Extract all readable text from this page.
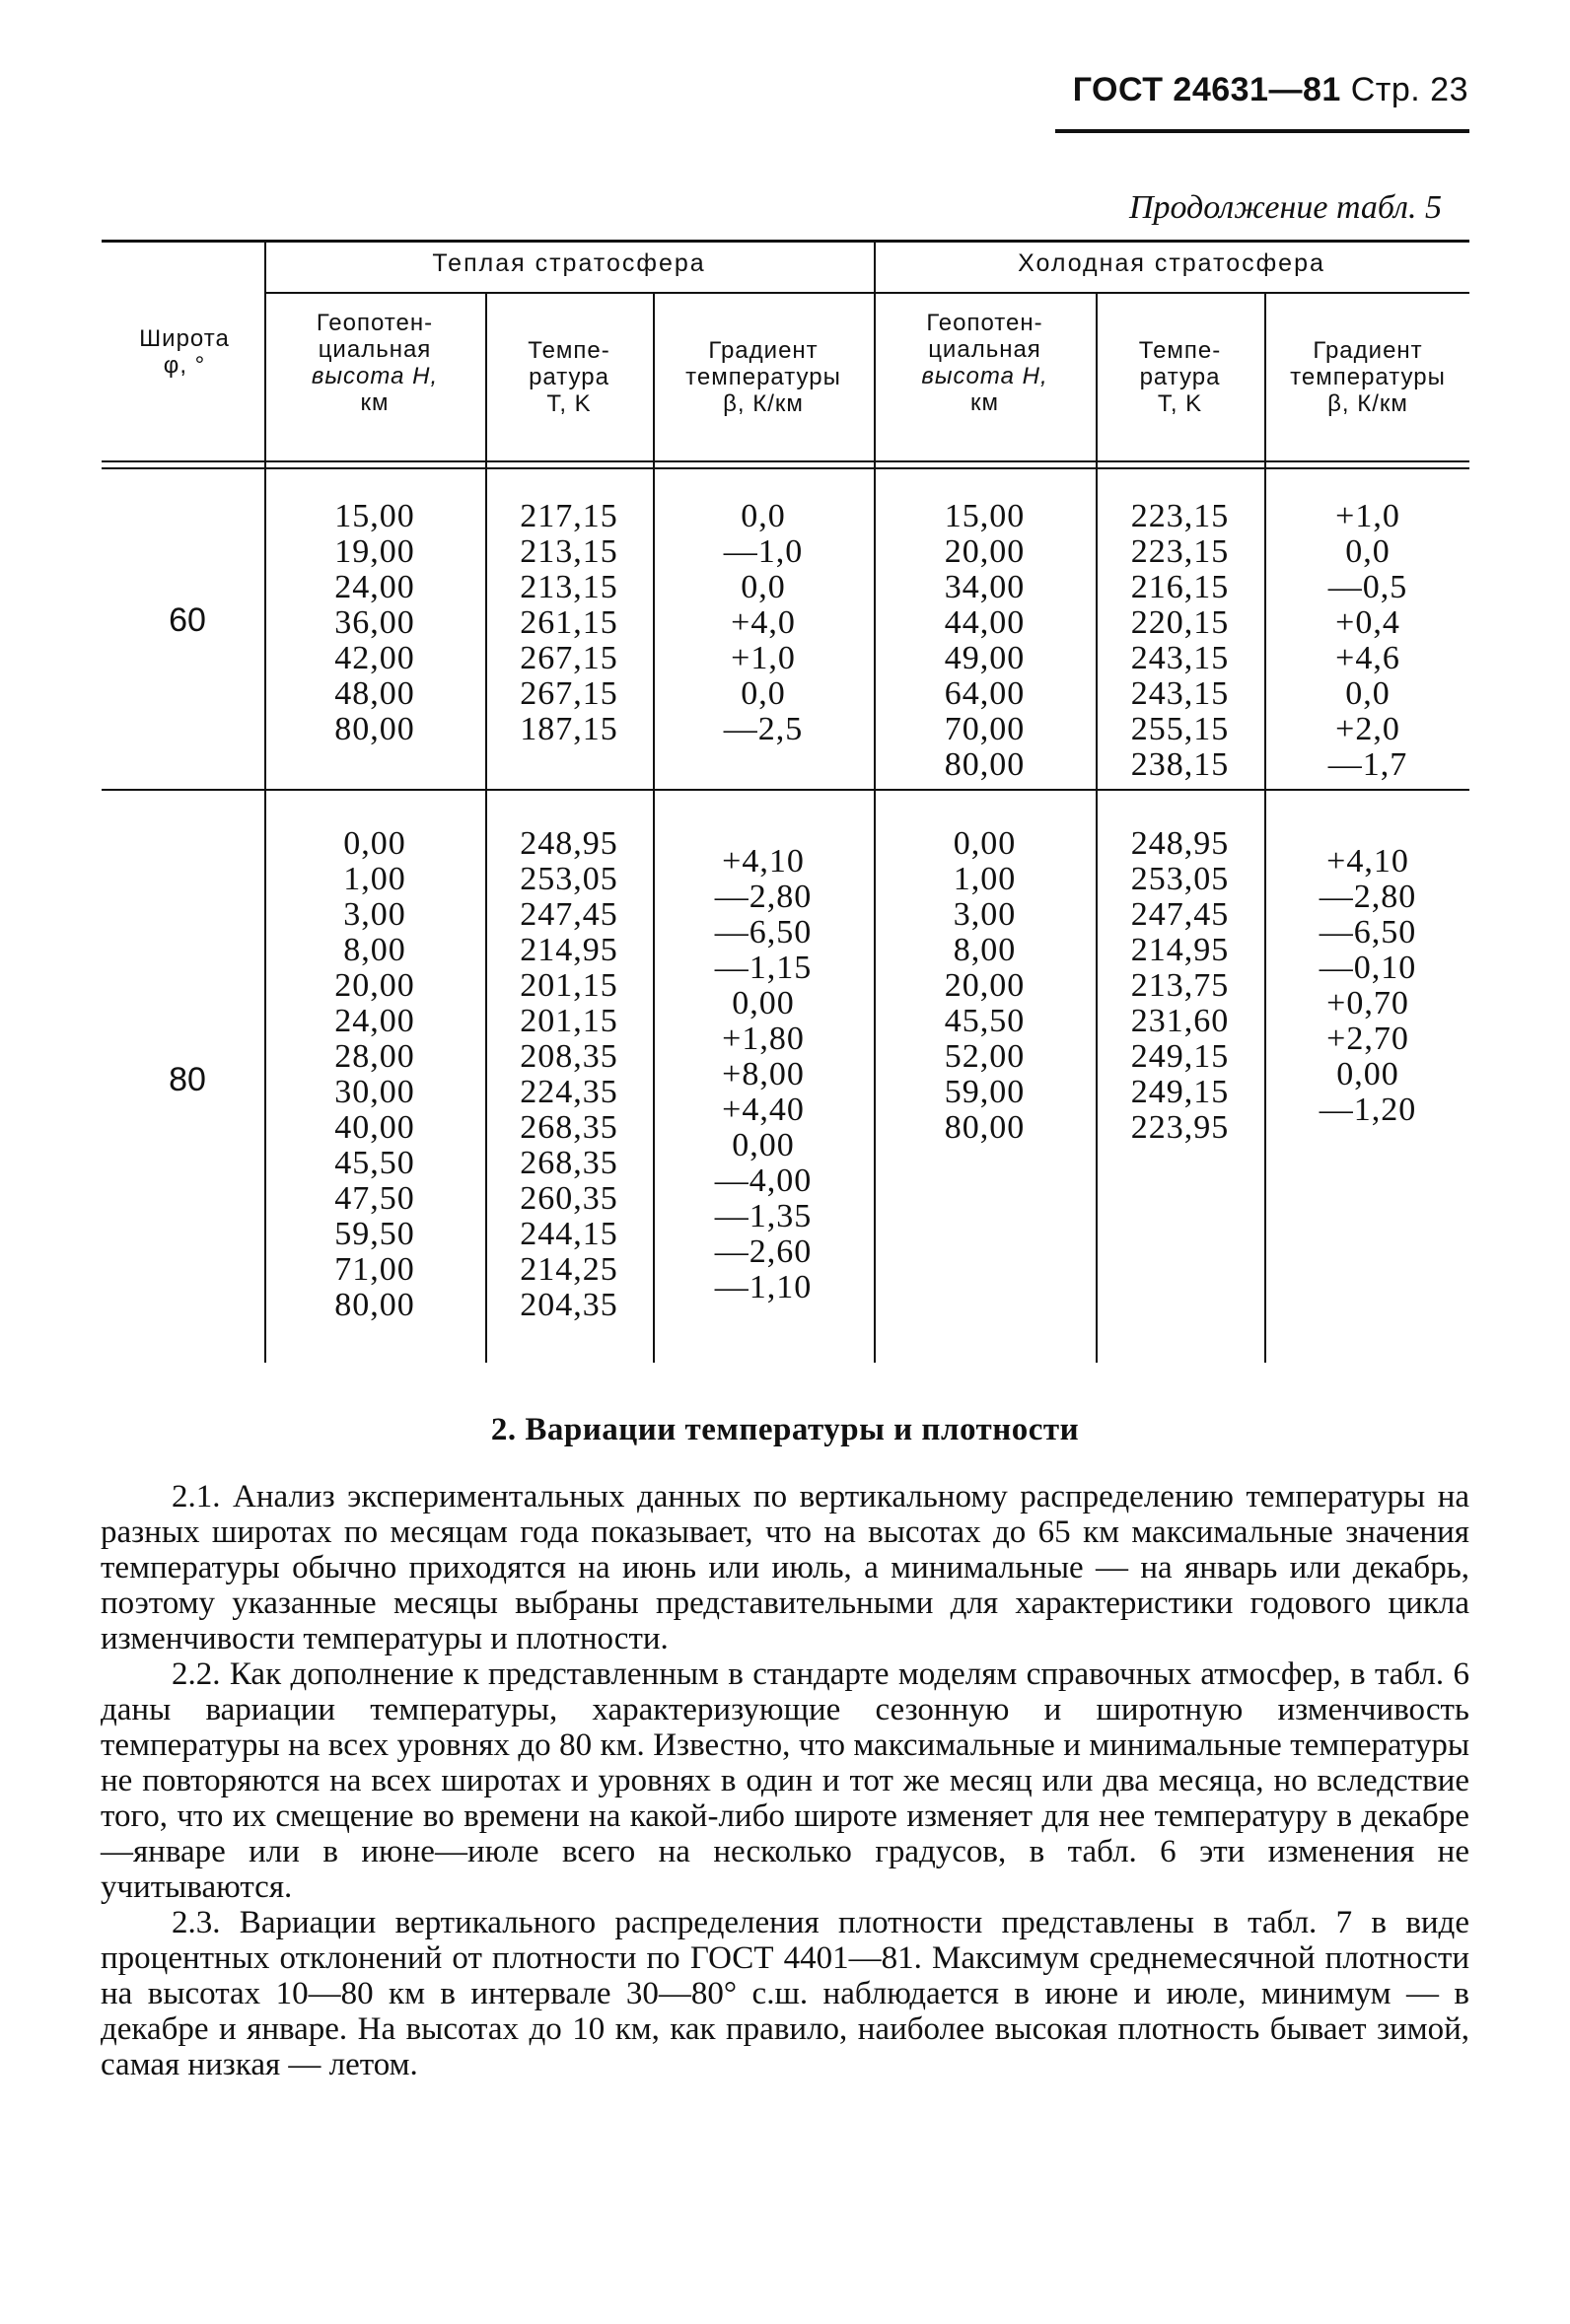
ГОСТ 24631—81 Стр. 23
Продолжение табл. 5
Теплая стратосфера	Холодная стратосфера
Широта
φ, °
Геопотен-
циальная
высота H,
км
Темпе-
ратура
T, K
Градиент
температуры
β, К/км
Геопотен-
циальная
высота H,
км
Темпе-
ратура
T, K
Градиент
температуры
β, К/км
60
15,00
19,00
24,00
36,00
42,00
48,00
80,00
217,15
213,15
213,15
261,15
267,15
267,15
187,15
0,0
—1,0
0,0
+4,0
+1,0
0,0
—2,5
15,00
20,00
34,00
44,00
49,00
64,00
70,00
80,00
223,15
223,15
216,15
220,15
243,15
243,15
255,15
238,15
+1,0
0,0
—0,5
+0,4
+4,6
0,0
+2,0
—1,7
80
0,00
1,00
3,00
8,00
20,00
24,00
28,00
30,00
40,00
45,50
47,50
59,50
71,00
80,00
248,95
253,05
247,45
214,95
201,15
201,15
208,35
224,35
268,35
268,35
260,35
244,15
214,25
204,35
+4,10
—2,80
—6,50
—1,15
0,00
+1,80
+8,00
+4,40
0,00
—4,00
—1,35
—2,60
—1,10
0,00
1,00
3,00
8,00
20,00
45,50
52,00
59,00
80,00
248,95
253,05
247,45
214,95
213,75
231,60
249,15
249,15
223,95
+4,10
—2,80
—6,50
—0,10
+0,70
+2,70
0,00
—1,20
2. Вариации температуры и плотности

2.1. Анализ экспериментальных данных по вертикальному распределению температуры на разных широтах по месяцам года показывает, что на высотах до 65 км максимальные значения температуры обычно приходятся на июнь или июль, а минимальные — на январь или декабрь, поэтому указанные месяцы выбраны представительными для характеристики годового цикла изменчивости температуры и плотности.

2.2. Как дополнение к представленным в стандарте моделям справочных атмосфер, в табл. 6 даны вариации температуры, характеризующие сезонную и широтную изменчивость температуры на всех уровнях до 80 км. Известно, что максимальные и минимальные температуры не повторяются на всех широтах и уровнях в один и тот же месяц или два месяца, но вследствие того, что их смещение во времени на какой-либо широте изменяет для нее температуру в декабре—январе или в июне—июле всего на несколько градусов, в табл. 6 эти изменения не учитываются.

2.3. Вариации вертикального распределения плотности представлены в табл. 7 в виде процентных отклонений от плотности по ГОСТ 4401—81. Максимум среднемесячной плотности на высотах 10—80 км в интервале 30—80° с.ш. наблюдается в июне и июле, минимум — в декабре и январе. На высотах до 10 км, как правило, наиболее высокая плотность бывает зимой, самая низкая — летом.
